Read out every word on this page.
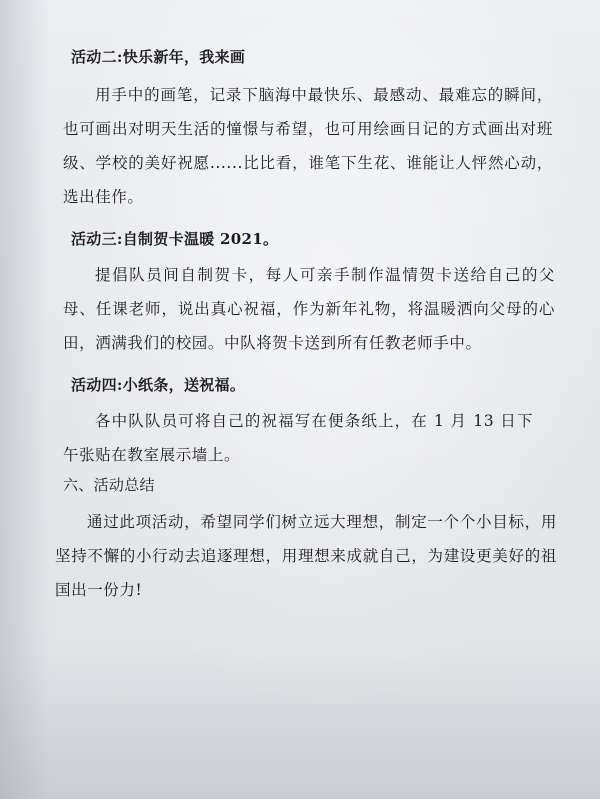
活动二:快乐新年，我来画

用手中的画笔，记录下脑海中最快乐、最感动、最难忘的瞬间，也可画出对明天生活的憧憬与希望，也可用绘画日记的方式画出对班级、学校的美好祝愿......比比看，谁笔下生花、谁能让人怦然心动，选出佳作。

活动三:自制贺卡温暖 2021。

提倡队员间自制贺卡，每人可亲手制作温情贺卡送给自己的父母、任课老师，说出真心祝福，作为新年礼物，将温暖洒向父母的心田，洒满我们的校园。中队将贺卡送到所有任教老师手中。

活动四:小纸条，送祝福。

各中队队员可将自己的祝福写在便条纸上，在 1 月 13 日下午张贴在教室展示墙上。

六、活动总结

通过此项活动，希望同学们树立远大理想，制定一个个小目标，用坚持不懈的小行动去追逐理想，用理想来成就自己，为建设更美好的祖国出一份力!
